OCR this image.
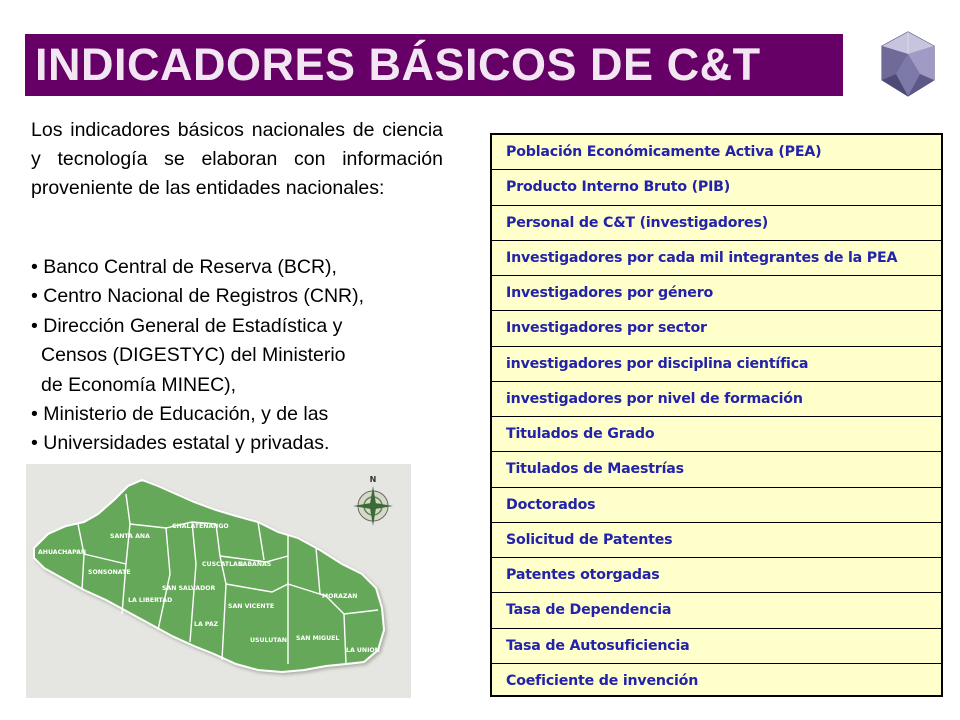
INDICADORES BÁSICOS DE C&T

Los indicadores básicos nacionales de ciencia y tecnología se elaboran con información proveniente de las entidades nacionales:

• Banco Central de Reserva (BCR),
• Centro Nacional de Registros (CNR),
• Dirección General de Estadística y
Censos (DIGESTYC) del Ministerio
de Economía MINEC),
• Ministerio de Educación, y de las
• Universidades estatal y privadas.
AHUACHAPAN
SANTA ANA
SONSONATE
CHALATENANGO
LA LIBERTAD
SAN SALVADOR
CUSCATLAN
CABAÑAS
SAN VICENTE
LA PAZ
USULUTAN SAN MIGUEL
MORAZAN
LA UNION
N
Población Económicamente Activa (PEA)
Producto Interno Bruto (PIB)
Personal de C&T (investigadores)
Investigadores por cada mil integrantes de la PEA
Investigadores por género
Investigadores por sector
investigadores por disciplina científica
investigadores por nivel de formación
Titulados de Grado
Titulados de Maestrías
Doctorados
Solicitud de Patentes
Patentes otorgadas
Tasa de Dependencia
Tasa de Autosuficiencia
Coeficiente de invención
